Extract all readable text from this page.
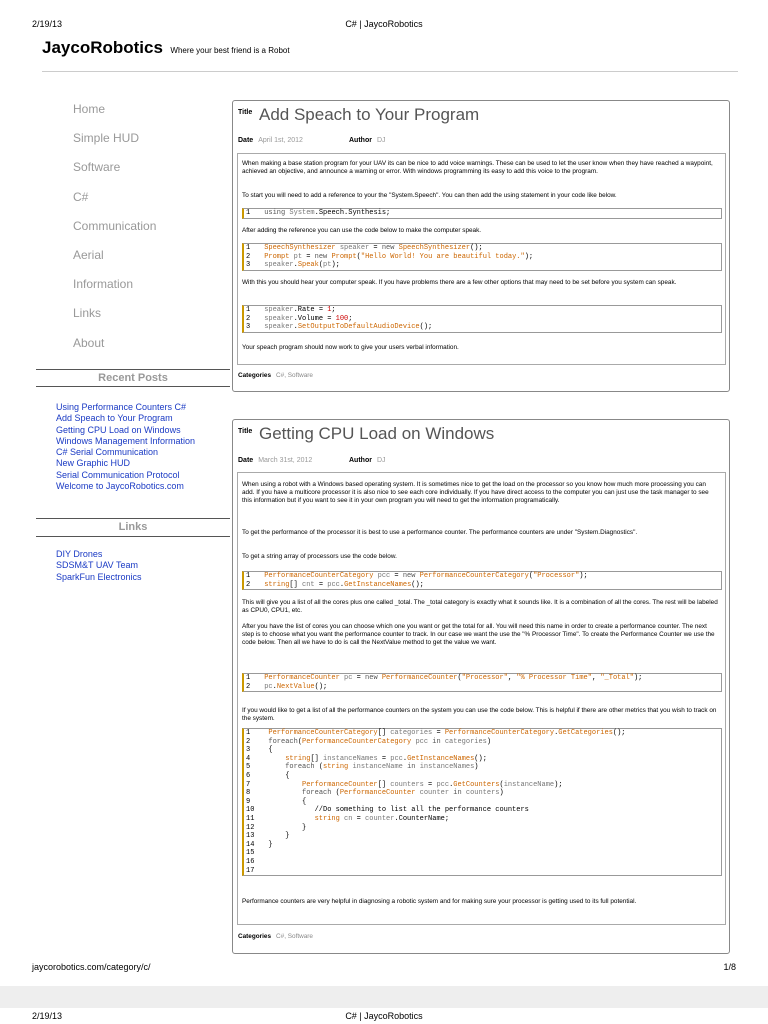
2/19/13	C# | JaycoRobotics
JaycoRobotics Where your best friend is a Robot
Home
Simple HUD
Software
C#
Communication
Aerial
Information
Links
About
Recent Posts
Using Performance Counters C#
Add Speach to Your Program
Getting CPU Load on Windows
Windows Management Information
C# Serial Communication
New Graphic HUD
Serial Communication Protocol
Welcome to JaycoRobotics.com
Links
DIY Drones
SDSM&T UAV Team
SparkFun Electronics
Title Add Speach to Your Program
Date April 1st, 2012	Author DJ
When making a base station program for your UAV its can be nice to add voice warnings. These can be used to let the user know when they have reached a waypoint, achieved an objective, and announce a warning or error. With windows programming its easy to add this voice to the program.
To start you will need to add a reference to your the "System.Speech". You can then add the using statement in your code like below.
1 using System.Speech.Synthesis;
After adding the reference you can use the code below to make the computer speak.
1 SpeechSynthesizer speaker = new SpeechSynthesizer();
2 Prompt pt = new Prompt("Hello World! You are beautiful today.");
3 speaker.Speak(pt);
With this you should hear your computer speak. If you have problems there are a few other options that may need to be set before you system can speak.
1 speaker.Rate = 1;
2 speaker.Volume = 100;
3 speaker.SetOutputToDefaultAudioDevice();
Your speach program should now work to give your users verbal information.
Categories C#, Software
Title Getting CPU Load on Windows
Date March 31st, 2012	Author DJ
When using a robot with a Windows based operating system. It is sometimes nice to get the load on the processor so you know how much more processing you can add. If you have a multicore processor it is also nice to see each core individually. If you have direct access to the computer you can just use the task manager to see this information but if you want to see it in your own program you will need to get the information programatically.
To get the performance of the processor it is best to use a performance counter. The performance counters are under "System.Diagnostics".
To get a string array of processors use the code below.
1 PerformanceCounterCategory pcc = new PerformanceCounterCategory("Processor");
2 string[] cnt = pcc.GetInstanceNames();
This will give you a list of all the cores plus one called _total. The _total category is exactly what it sounds like. It is a combination of all the cores. The rest will be labeled as CPU0, CPU1, etc.
After you have the list of cores you can choose which one you want or get the total for all. You will need this name in order to create a performance counter. The next step is to choose what you want the performance counter to track. In our case we want the use the "% Processor Time". To create the Performance Counter we use the code below. Then all we have to do is call the NextValue method to get the value we want.
1 PerformanceCounter pc = new PerformanceCounter("Processor", "% Processor Time", "_Total");
2 pc.NextValue();
If you would like to get a list of all the performance counters on the system you can use the code below. This is helpful if there are other metrics that you wish to track on the system.
1	PerformanceCounterCategory[] categories = PerformanceCounterCategory.GetCategories();
2	foreach(PerformanceCounterCategory pcc in categories)
3  {
4	string[] instanceNames = pcc.GetInstanceNames();
5	foreach (string instanceName in instanceNames)
6      {
7	PerformanceCounter[] counters = pcc.GetCounters(instanceName);
8	foreach (PerformanceCounter counter in counters)
9          {
10             //Do something to list all the performance counters
11	string cn = counter.CounterName;
12          }
13      }
14  }
15
16
17
Performance counters are very helpful in diagnosing a robotic system and for making sure your processor is getting used to its full potential.
Categories C#, Software
jaycorobotics.com/category/c/	1/8
2/19/13	C# | JaycoRobotics
